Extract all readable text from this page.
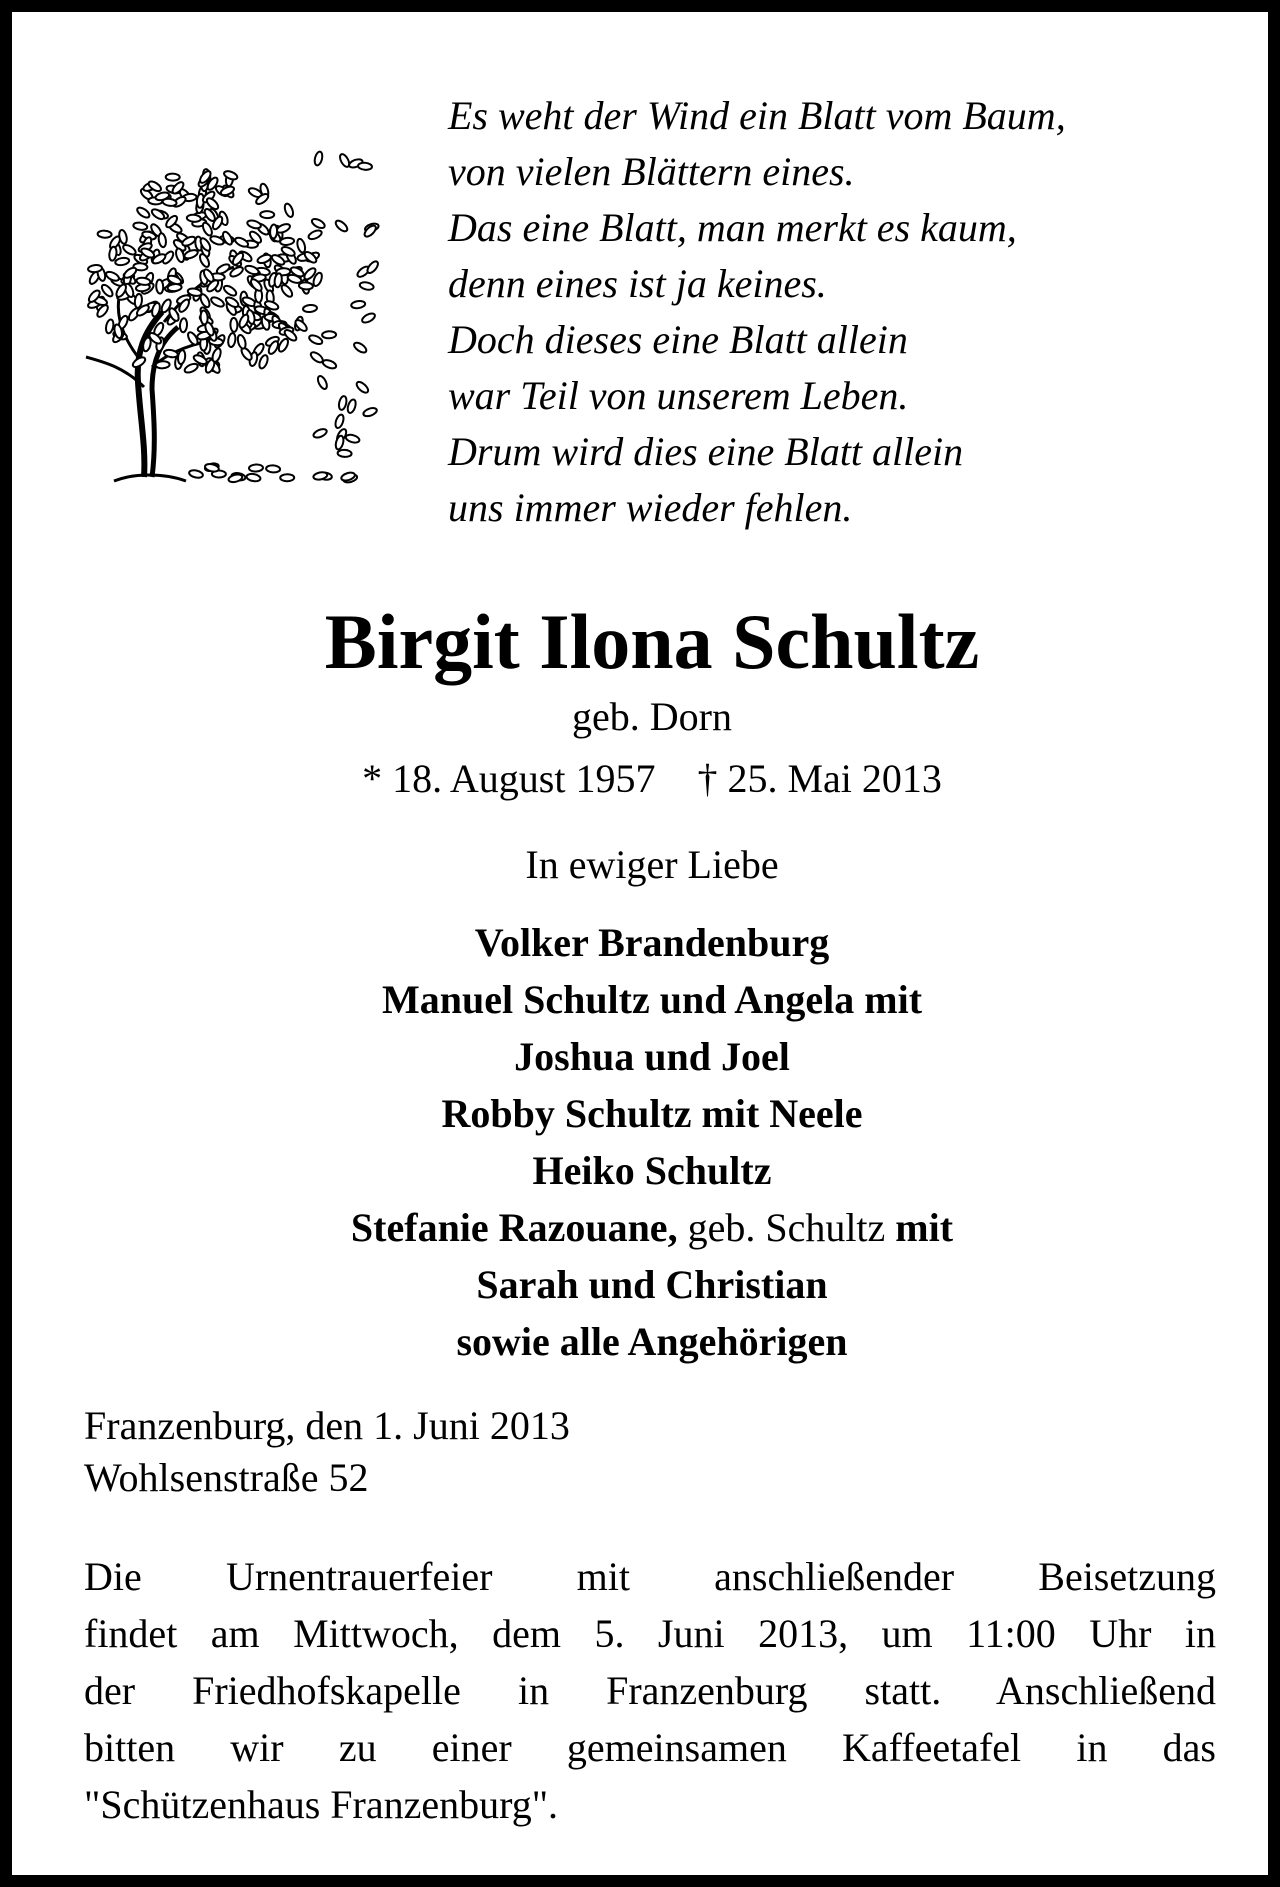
Es weht der Wind ein Blatt vom Baum,
von vielen Blättern eines.
Das eine Blatt, man merkt es kaum,
denn eines ist ja keines.
Doch dieses eine Blatt allein
war Teil von unserem Leben.
Drum wird dies eine Blatt allein
uns immer wieder fehlen.
Birgit Ilona Schultz
geb. Dorn
* 18. August 1957 † 25. Mai 2013
In ewiger Liebe
Volker Brandenburg
Manuel Schultz und Angela mit
Joshua und Joel
Robby Schultz mit Neele
Heiko Schultz
Stefanie Razouane, geb. Schultz mit
Sarah und Christian
sowie alle Angehörigen
Franzenburg, den 1. Juni 2013
Wohlsenstraße 52
Die Urnentrauerfeier mit anschließender Beisetzung
findet am Mittwoch, dem 5. Juni 2013, um 11:00 Uhr in
der Friedhofskapelle in Franzenburg statt. Anschließend
bitten wir zu einer gemeinsamen Kaffeetafel in das
"Schützenhaus Franzenburg".
